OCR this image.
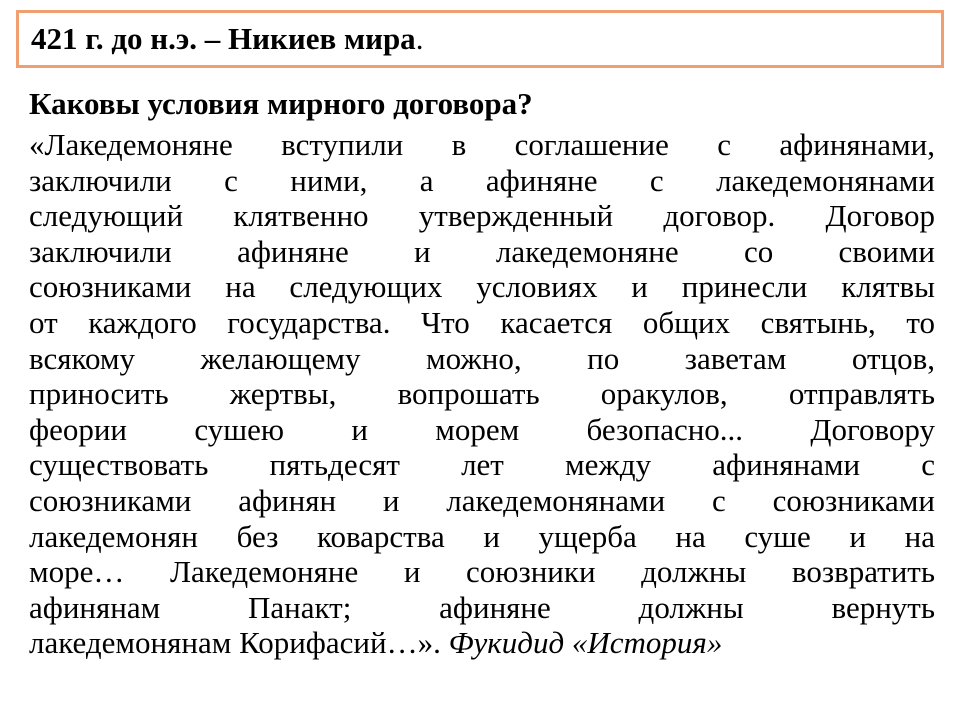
421 г. до н.э. – Никиев мира.
Каковы условия мирного договора?
«Лакедемоняне вступили в соглашение с афинянами,
заключили с ними, а афиняне с лакедемонянами
следующий клятвенно утвержденный договор. Договор
заключили афиняне и лакедемоняне со своими
союзниками на следующих условиях и принесли клятвы
от каждого государства. Что касается общих святынь, то
всякому желающему можно, по заветам отцов,
приносить жертвы, вопрошать оракулов, отправлять
феории сушею и морем безопасно... Договору
существовать пятьдесят лет между афинянами с
союзниками афинян и лакедемонянами с союзниками
лакедемонян без коварства и ущерба на суше и на
море… Лакедемоняне и союзники должны возвратить
афинянам Панакт; афиняне должны вернуть
лакедемонянам Корифасий…». Фукидид «История»
